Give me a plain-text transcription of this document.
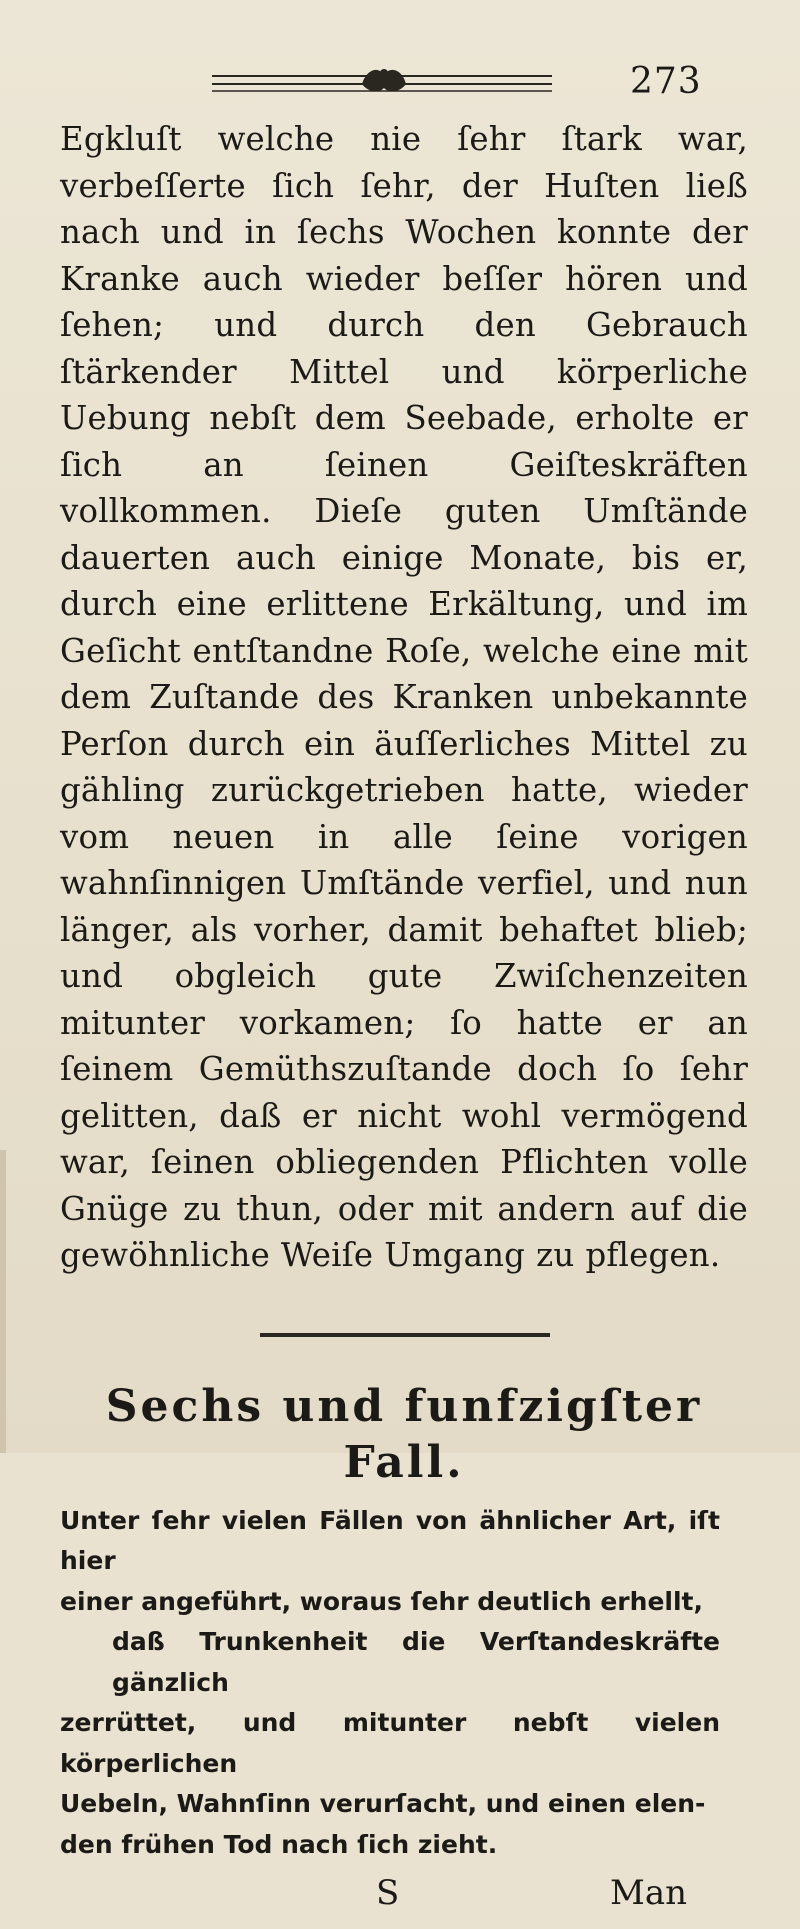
273

Egkluſt welche nie ſehr ſtark war, verbeſſerte ſich ſehr, der Huſten ließ nach und in ſechs Wochen konnte der Kranke auch wieder beſſer hören und ſehen; und durch den Gebrauch ſtärkender Mittel und körperliche Uebung nebſt dem Seebade, erholte er ſich an ſeinen Geiſteskräften vollkommen. Dieſe guten Umſtände dauerten auch einige Monate, bis er, durch eine erlittene Erkältung, und im Geſicht entſtandne Roſe, welche eine mit dem Zuſtande des Kranken unbekannte Perſon durch ein äuſſerliches Mittel zu gähling zurückgetrieben hatte, wieder vom neuen in alle ſeine vorigen wahnſinnigen Umſtände verfiel, und nun länger, als vorher, damit behaftet blieb; und obgleich gute Zwiſchenzeiten mitunter vorkamen; ſo hatte er an ſeinem Gemüthszuſtande doch ſo ſehr gelitten, daß er nicht wohl vermögend war, ſeinen obliegenden Pflichten volle Gnüge zu thun, oder mit andern auf die gewöhnliche Weiſe Umgang zu pflegen.

Sechs und funfzigſter Fall.
Unter ſehr vielen Fällen von ähnlicher Art, iſt hier
einer angeführt, woraus ſehr deutlich erhellt,
daß Trunkenheit die Verſtandeskräfte gänzlich
zerrüttet, und mitunter nebſt vielen körperlichen
Uebeln, Wahnſinn verurſacht, und einen elen-
den frühen Tod nach ſich zieht.
S	Man
